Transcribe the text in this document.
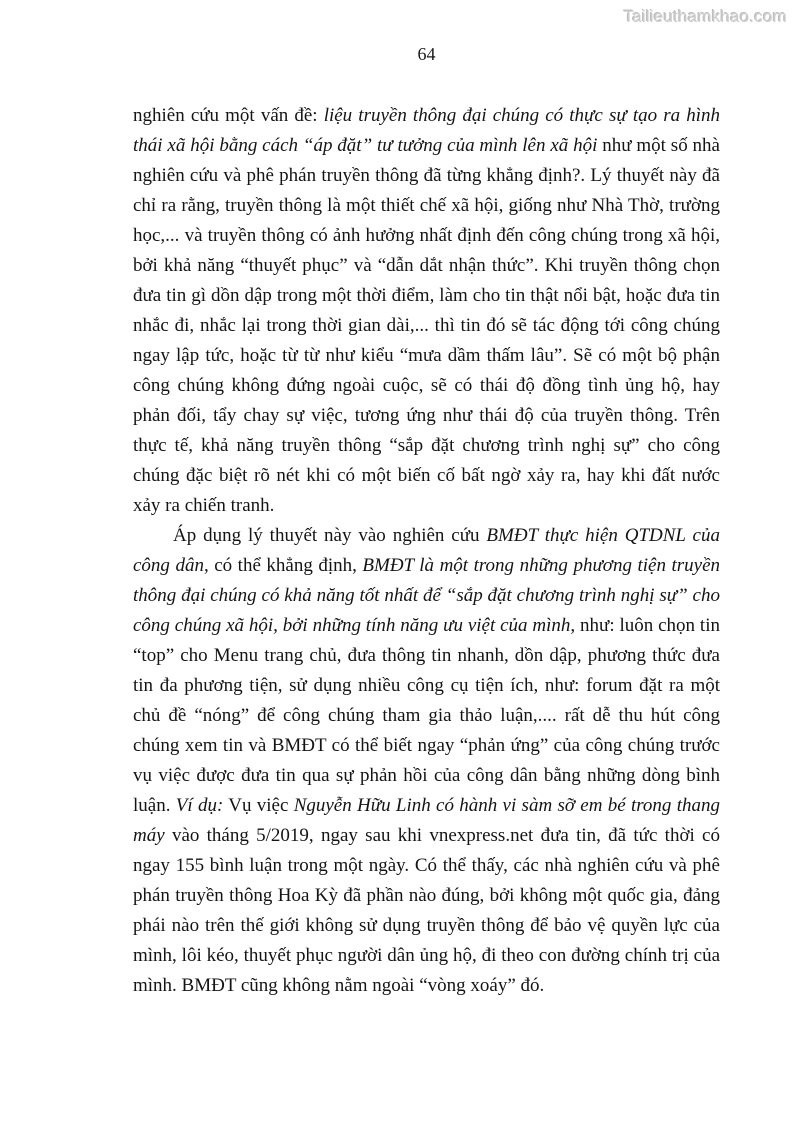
Tailieuthamkhao.com
64

nghiên cứu một vấn đề: liệu truyền thông đại chúng có thực sự tạo ra hình thái xã hội bằng cách “áp đặt” tư tưởng của mình lên xã hội như một số nhà nghiên cứu và phê phán truyền thông đã từng khẳng định?. Lý thuyết này đã chỉ ra rằng, truyền thông là một thiết chế xã hội, giống như Nhà Thờ, trường học,... và truyền thông có ảnh hưởng nhất định đến công chúng trong xã hội, bởi khả năng “thuyết phục” và “dẫn dắt nhận thức”. Khi truyền thông chọn đưa tin gì dồn dập trong một thời điểm, làm cho tin thật nổi bật, hoặc đưa tin nhắc đi, nhắc lại trong thời gian dài,... thì tin đó sẽ tác động tới công chúng ngay lập tức, hoặc từ từ như kiểu “mưa dầm thấm lâu”. Sẽ có một bộ phận công chúng không đứng ngoài cuộc, sẽ có thái độ đồng tình ủng hộ, hay phản đối, tẩy chay sự việc, tương ứng như thái độ của truyền thông. Trên thực tế, khả năng truyền thông “sắp đặt chương trình nghị sự” cho công chúng đặc biệt rõ nét khi có một biến cố bất ngờ xảy ra, hay khi đất nước xảy ra chiến tranh.

Áp dụng lý thuyết này vào nghiên cứu BMĐT thực hiện QTDNL của công dân, có thể khẳng định, BMĐT là một trong những phương tiện truyền thông đại chúng có khả năng tốt nhất để “sắp đặt chương trình nghị sự” cho công chúng xã hội, bởi những tính năng ưu việt của mình, như: luôn chọn tin “top” cho Menu trang chủ, đưa thông tin nhanh, dồn dập, phương thức đưa tin đa phương tiện, sử dụng nhiều công cụ tiện ích, như: forum đặt ra một chủ đề “nóng” để công chúng tham gia thảo luận,.... rất dễ thu hút công chúng xem tin và BMĐT có thể biết ngay “phản ứng” của công chúng trước vụ việc được đưa tin qua sự phản hồi của công dân bằng những dòng bình luận. Ví dụ: Vụ việc Nguyễn Hữu Linh có hành vi sàm sỡ em bé trong thang máy vào tháng 5/2019, ngay sau khi vnexpress.net đưa tin, đã tức thời có ngay 155 bình luận trong một ngày. Có thể thấy, các nhà nghiên cứu và phê phán truyền thông Hoa Kỳ đã phần nào đúng, bởi không một quốc gia, đảng phái nào trên thế giới không sử dụng truyền thông để bảo vệ quyền lực của mình, lôi kéo, thuyết phục người dân ủng hộ, đi theo con đường chính trị của mình. BMĐT cũng không nằm ngoài “vòng xoáy” đó.
